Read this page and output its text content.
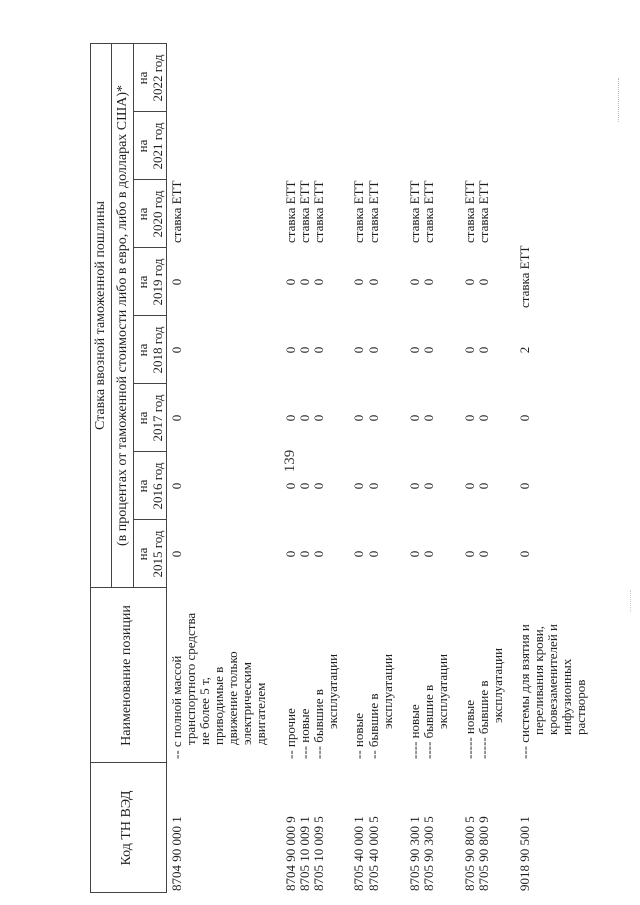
139
Код ТН ВЭД
Наименование позиции
Ставка ввозной таможенной пошлины (в процентах от таможенной стоимости либо в евро, либо в долларах США)*
на 2015 год
на 2016 год
на 2017 год
на 2018 год
на 2019 год
на 2020 год
на 2021 год
на 2022 год
8704 90 000 1
-- с полной массой транспортного средства не более 5 т, приводимые в движение только электрическим двигателем
0
0
0
0
0
ставка ЕТТ
8704 90 000 9
-- прочие
0
0
0
0
0
ставка ЕТТ
8705 10 009 1
--- новые
0
0
0
0
0
ставка ЕТТ
8705 10 009 5
--- бывшие в эксплуатации
0
0
0
0
0
ставка ЕТТ
8705 40 000 1
-- новые
0
0
0
0
0
ставка ЕТТ
8705 40 000 5
-- бывшие в эксплуатации
0
0
0
0
0
ставка ЕТТ
8705 90 300 1
---- новые
0
0
0
0
0
ставка ЕТТ
8705 90 300 5
---- бывшие в эксплуатации
0
0
0
0
0
ставка ЕТТ
8705 90 800 5
----- новые
0
0
0
0
0
ставка ЕТТ
8705 90 800 9
----- бывшие в эксплуатации
0
0
0
0
0
ставка ЕТТ
9018 90 500 1
--- системы для взятия и переливания крови, кровезаменителей и инфузионных растворов
0
0
0
2
ставка ЕТТ
